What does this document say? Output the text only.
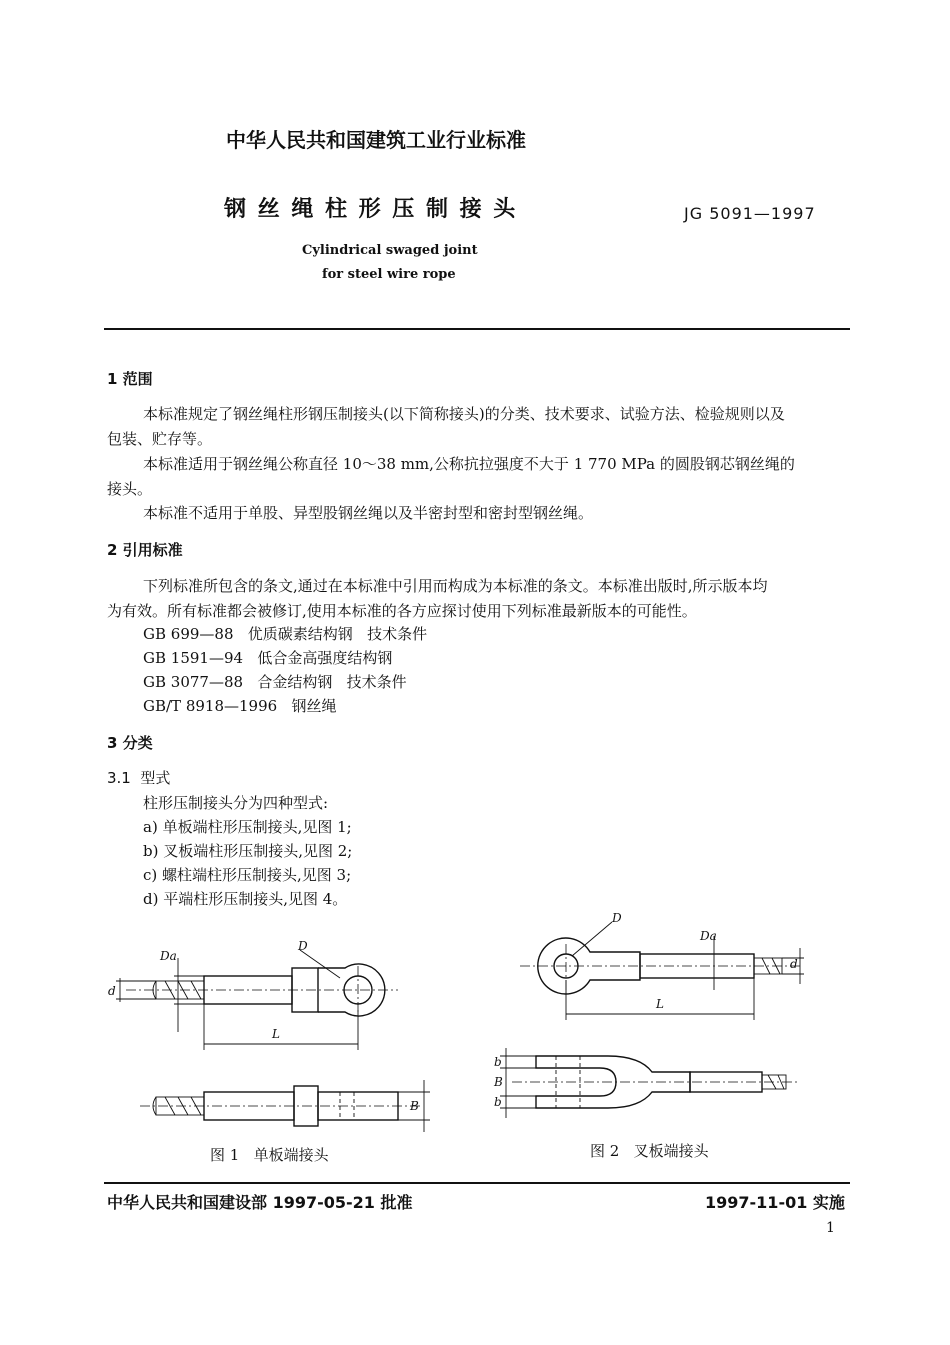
中华人民共和国建筑工业行业标准
钢 丝 绳 柱 形 压 制 接 头	JG 5091—1997
Cylindrical swaged joint
for steel wire rope
1 范围
本标准规定了钢丝绳柱形钢压制接头(以下简称接头)的分类、技术要求、试验方法、检验规则以及
包装、贮存等。
本标准适用于钢丝绳公称直径 10～38 mm,公称抗拉强度不大于 1 770 MPa 的圆股钢芯钢丝绳的
接头。
本标准不适用于单股、异型股钢丝绳以及半密封型和密封型钢丝绳。
2 引用标准
下列标准所包含的条文,通过在本标准中引用而构成为本标准的条文。本标准出版时,所示版本均
为有效。所有标准都会被修订,使用本标准的各方应探讨使用下列标准最新版本的可能性。
GB 699—88   优质碳素结构钢   技术条件
GB 1591—94   低合金高强度结构钢
GB 3077—88   合金结构钢   技术条件
GB/T 8918—1996   钢丝绳
3 分类
3.1  型式
柱形压制接头分为四种型式:
a) 单板端柱形压制接头,见图 1;
b) 叉板端柱形压制接头,见图 2;
c) 螺柱端柱形压制接头,见图 3;
d) 平端柱形压制接头,见图 4。
D
d
Da
L
B
图 1   单板端接头
D
Da
d
L
b
B
b
图 2   叉板端接头
中华人民共和国建设部 1997-05-21 批准	1997-11-01 实施
1
